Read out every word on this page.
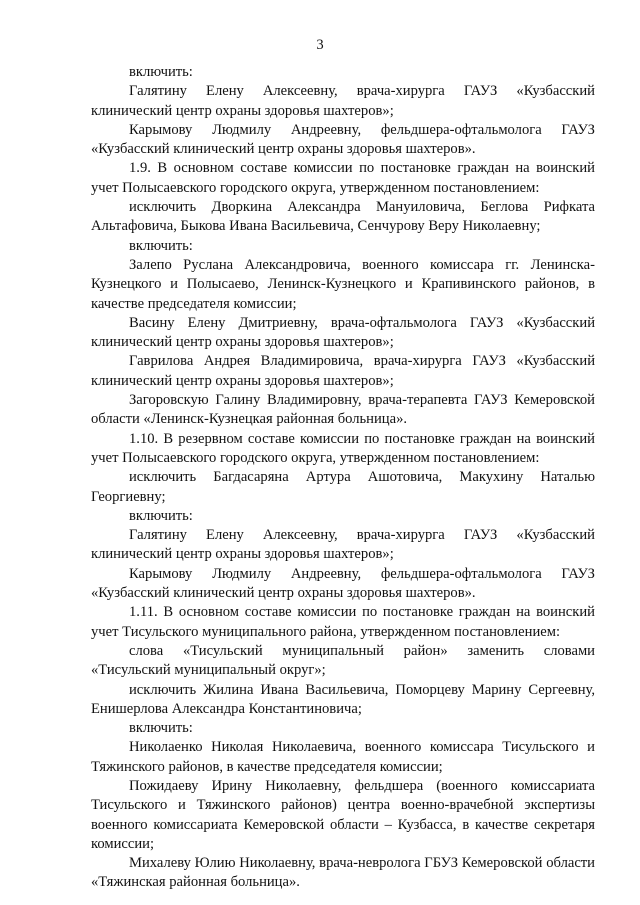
3

включить:

Галятину Елену Алексеевну, врача-хирурга ГАУЗ «Кузбасский клинический центр охраны здоровья шахтеров»;

Карымову Людмилу Андреевну, фельдшера-офтальмолога ГАУЗ «Кузбасский клинический центр охраны здоровья шахтеров».

1.9. В основном составе комиссии по постановке граждан на воинский учет Полысаевского городского округа, утвержденном постановлением:

исключить Дворкина Александра Мануиловича, Беглова Рифката Альтафовича, Быкова Ивана Васильевича, Сенчурову Веру Николаевну;

включить:

Залепо Руслана Александровича, военного комиссара гг. Ленинска-Кузнецкого и Полысаево, Ленинск-Кузнецкого и Крапивинского районов, в качестве председателя комиссии;

Васину Елену Дмитриевну, врача-офтальмолога ГАУЗ «Кузбасский клинический центр охраны здоровья шахтеров»;

Гаврилова Андрея Владимировича, врача-хирурга ГАУЗ «Кузбасский клинический центр охраны здоровья шахтеров»;

Загоровскую Галину Владимировну, врача-терапевта ГАУЗ Кемеровской области «Ленинск-Кузнецкая районная больница».

1.10. В резервном составе комиссии по постановке граждан на воинский учет Полысаевского городского округа, утвержденном постановлением:

исключить Багдасаряна Артура Ашотовича, Макухину Наталью Георгиевну;

включить:

Галятину Елену Алексеевну, врача-хирурга ГАУЗ «Кузбасский клинический центр охраны здоровья шахтеров»;

Карымову Людмилу Андреевну, фельдшера-офтальмолога ГАУЗ «Кузбасский клинический центр охраны здоровья шахтеров».

1.11. В основном составе комиссии по постановке граждан на воинский учет Тисульского муниципального района, утвержденном постановлением:

слова «Тисульский муниципальный район» заменить словами «Тисульский муниципальный округ»;

исключить Жилина Ивана Васильевича, Поморцеву Марину Сергеевну, Енишерлова Александра Константиновича;

включить:

Николаенко Николая Николаевича, военного комиссара Тисульского и Тяжинского районов, в качестве председателя комиссии;

Пожидаеву Ирину Николаевну, фельдшера (военного комиссариата Тисульского и Тяжинского районов) центра военно-врачебной экспертизы военного комиссариата Кемеровской области – Кузбасса, в качестве секретаря комиссии;

Михалеву Юлию Николаевну, врача-невролога ГБУЗ Кемеровской области «Тяжинская районная больница».
